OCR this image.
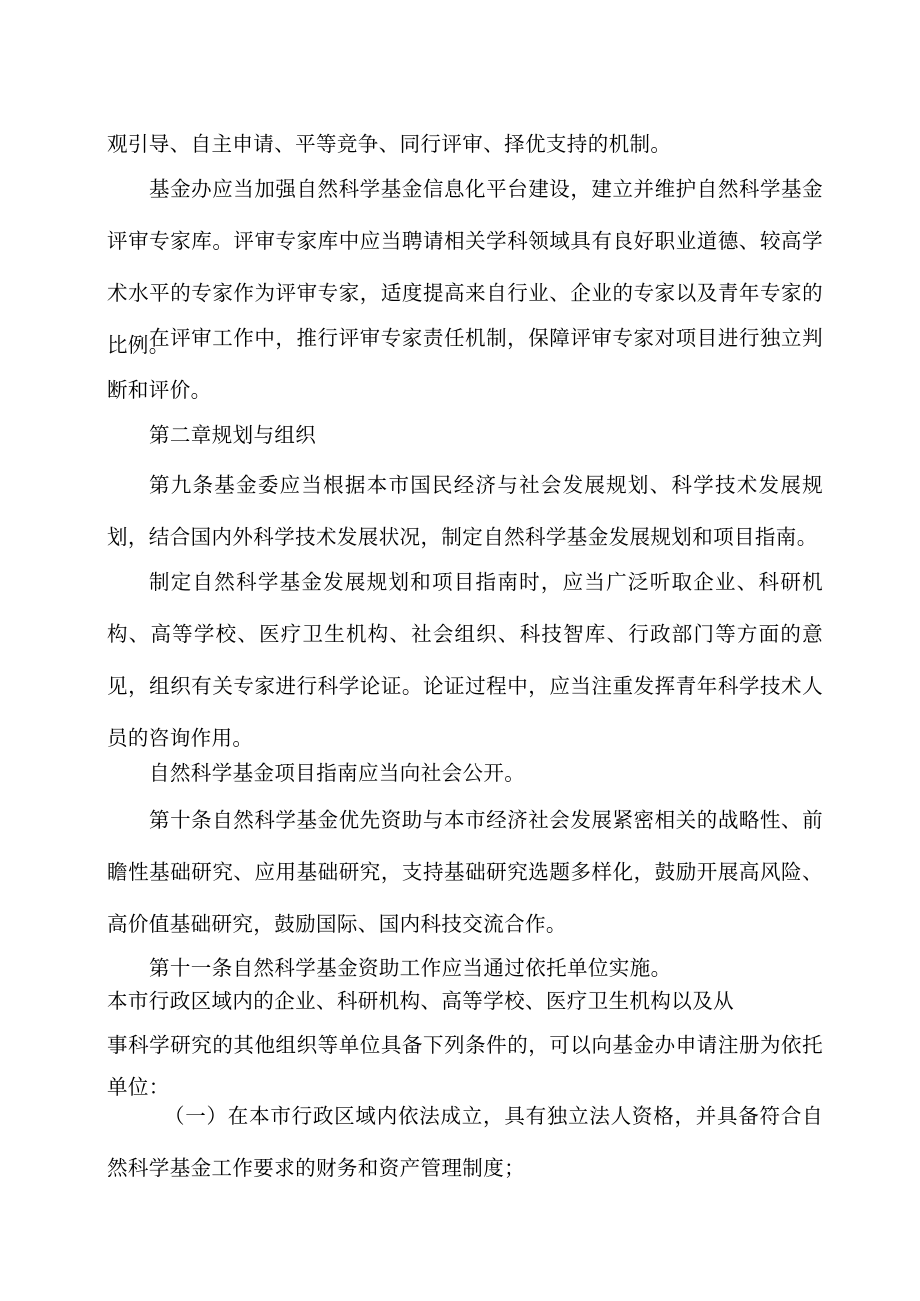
观引导、自主申请、平等竞争、同行评审、择优支持的机制。

基金办应当加强自然科学基金信息化平台建设，建立并维护自然科学基金评审专家库。评审专家库中应当聘请相关学科领域具有良好职业道德、较高学术水平的专家作为评审专家，适度提高来自行业、企业的专家以及青年专家的比例。

在评审工作中，推行评审专家责任机制，保障评审专家对项目进行独立判断和评价。

第二章规划与组织

第九条基金委应当根据本市国民经济与社会发展规划、科学技术发展规划，结合国内外科学技术发展状况，制定自然科学基金发展规划和项目指南。

制定自然科学基金发展规划和项目指南时，应当广泛听取企业、科研机构、高等学校、医疗卫生机构、社会组织、科技智库、行政部门等方面的意见，组织有关专家进行科学论证。论证过程中，应当注重发挥青年科学技术人员的咨询作用。

自然科学基金项目指南应当向社会公开。

第十条自然科学基金优先资助与本市经济社会发展紧密相关的战略性、前瞻性基础研究、应用基础研究，支持基础研究选题多样化，鼓励开展高风险、高价值基础研究，鼓励国际、国内科技交流合作。

第十一条自然科学基金资助工作应当通过依托单位实施。

本市行政区域内的企业、科研机构、高等学校、医疗卫生机构以及从

事科学研究的其他组织等单位具备下列条件的，可以向基金办申请注册为依托单位：

（一）在本市行政区域内依法成立，具有独立法人资格，并具备符合自然科学基金工作要求的财务和资产管理制度；
